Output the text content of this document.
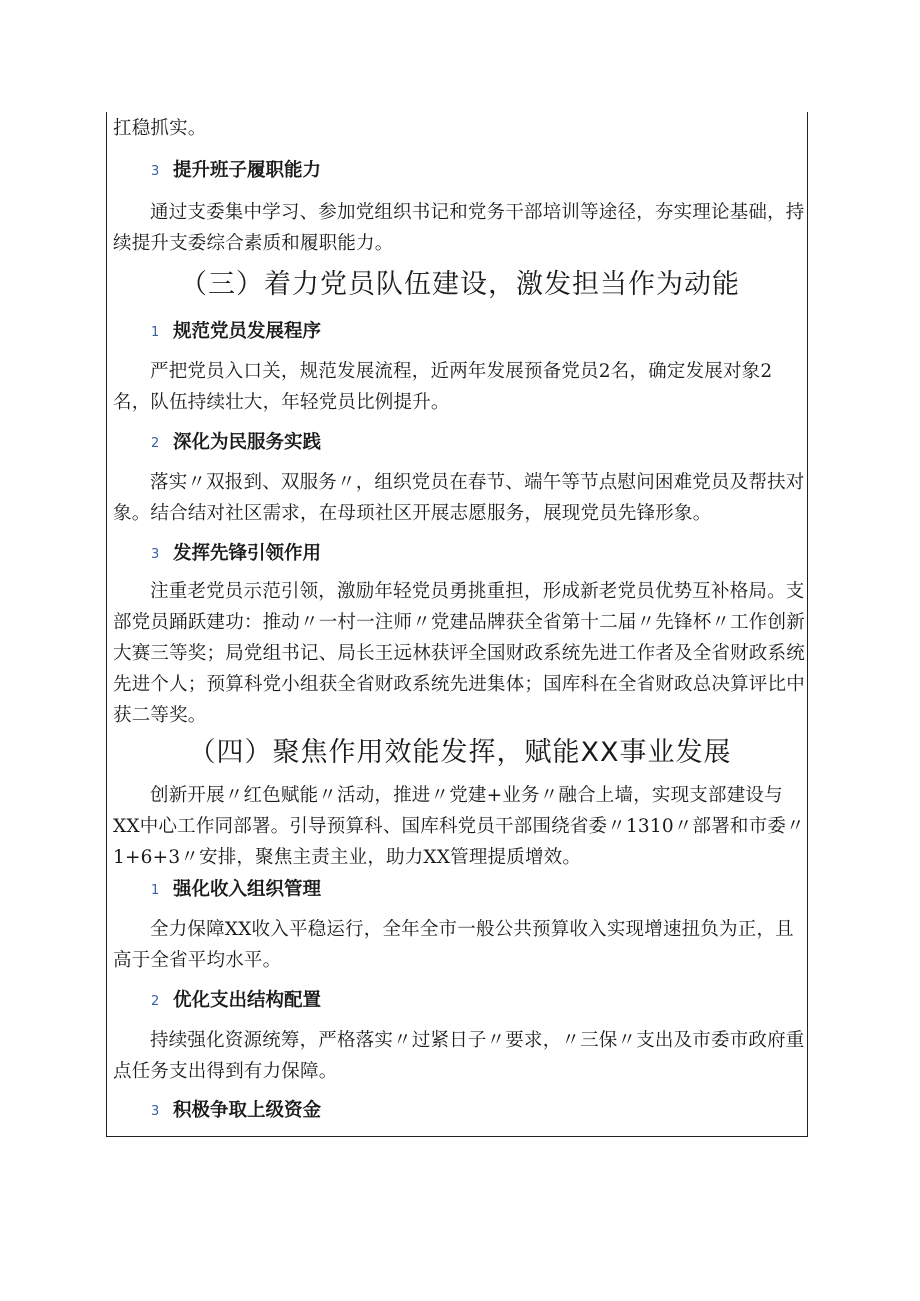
扛稳抓实。

3 提升班子履职能力

通过支委集中学习、参加党组织书记和党务干部培训等途径，夯实理论基础，持续提升支委综合素质和履职能力。

（三）着力党员队伍建设，激发担当作为动能
1 规范党员发展程序

严把党员入口关，规范发展流程，近两年发展预备党员2名，确定发展对象2名，队伍持续壮大，年轻党员比例提升。

2 深化为民服务实践

落实〃双报到、双服务〃，组织党员在春节、端午等节点慰问困难党员及帮扶对象。结合结对社区需求，在母顼社区开展志愿服务，展现党员先锋形象。

3 发挥先锋引领作用

注重老党员示范引领，激励年轻党员勇挑重担，形成新老党员优势互补格局。支部党员踊跃建功：推动〃一村一注师〃党建品牌获全省第十二届〃先锋杯〃工作创新大赛三等奖；局党组书记、局长王远林获评全国财政系统先进工作者及全省财政系统先进个人；预算科党小组获全省财政系统先进集体；国库科在全省财政总决算评比中获二等奖。

（四）聚焦作用效能发挥，赋能XX事业发展

创新开展〃红色赋能〃活动，推进〃党建+业务〃融合上墙，实现支部建设与XX中心工作同部署。引导预算科、国库科党员干部围绕省委〃1310〃部署和市委〃1+6+3〃安排，聚焦主责主业，助力XX管理提质增效。

1 强化收入组织管理

全力保障XX收入平稳运行，全年全市一般公共预算收入实现增速扭负为正，且高于全省平均水平。

2 优化支出结构配置

持续强化资源统筹，严格落实〃过紧日子〃要求，〃三保〃支出及市委市政府重点任务支出得到有力保障。

3 积极争取上级资金
